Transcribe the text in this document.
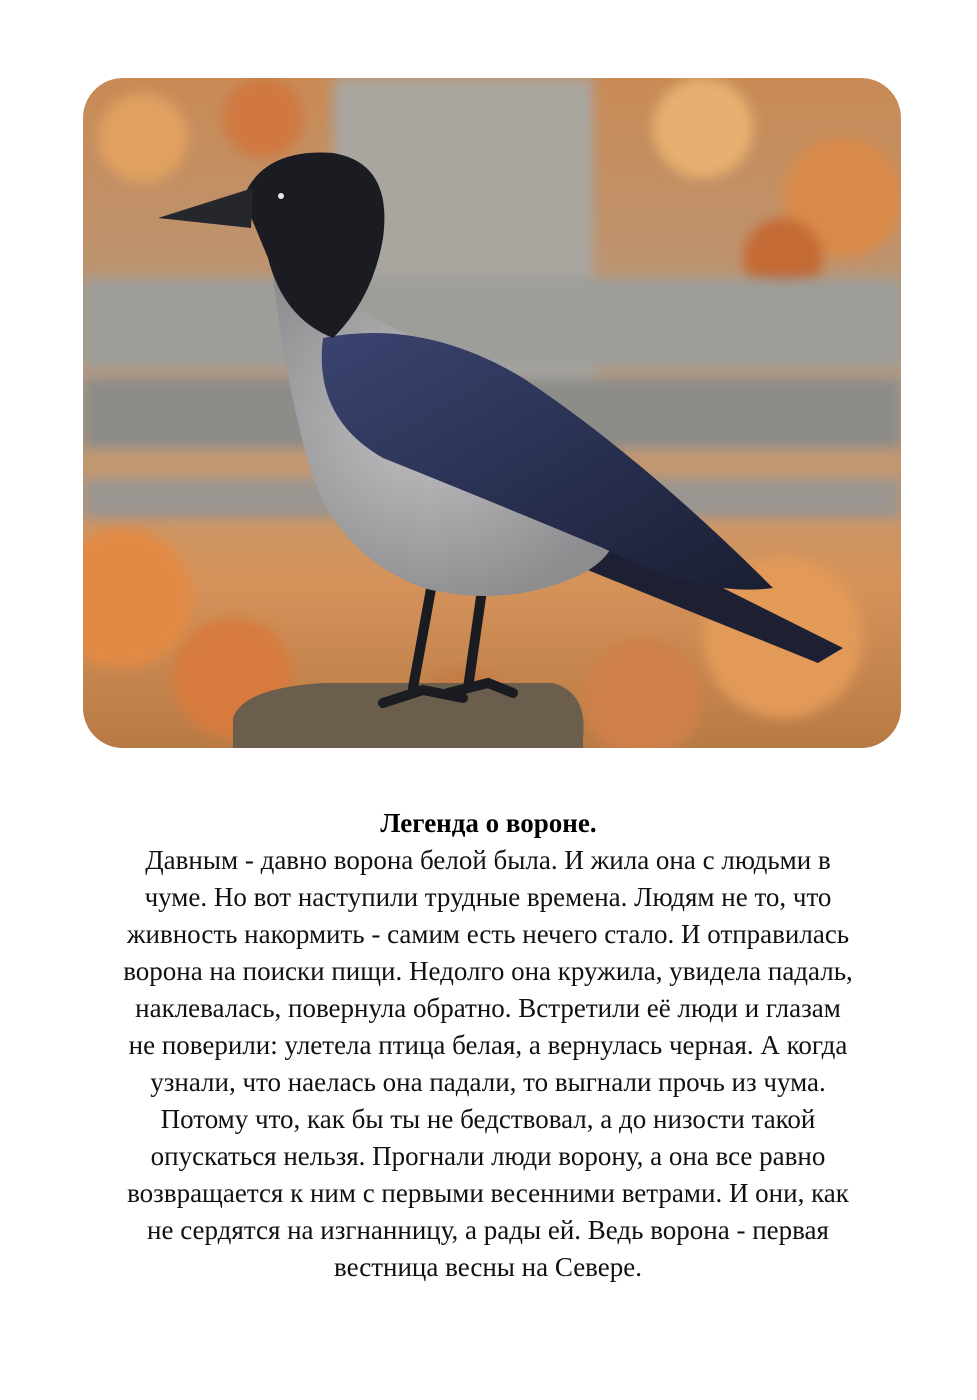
Легенда о вороне.
Давным - давно ворона белой была. И жила она с людьми в
чуме. Но вот наступили трудные времена. Людям не то, что
живность накормить - самим есть нечего стало. И отправилась
ворона на поиски пищи. Недолго она кружила, увидела падаль,
наклевалась, повернула обратно. Встретили её люди и глазам
не поверили: улетела птица белая, а вернулась черная. А когда
узнали, что наелась она падали, то выгнали прочь из чума.
Потому что, как бы ты не бедствовал, а до низости такой
опускаться нельзя. Прогнали люди ворону, а она все равно
возвращается к ним с первыми весенними ветрами. И они, как
не сердятся на изгнанницу, а рады ей. Ведь ворона - первая
вестница весны на Севере.
